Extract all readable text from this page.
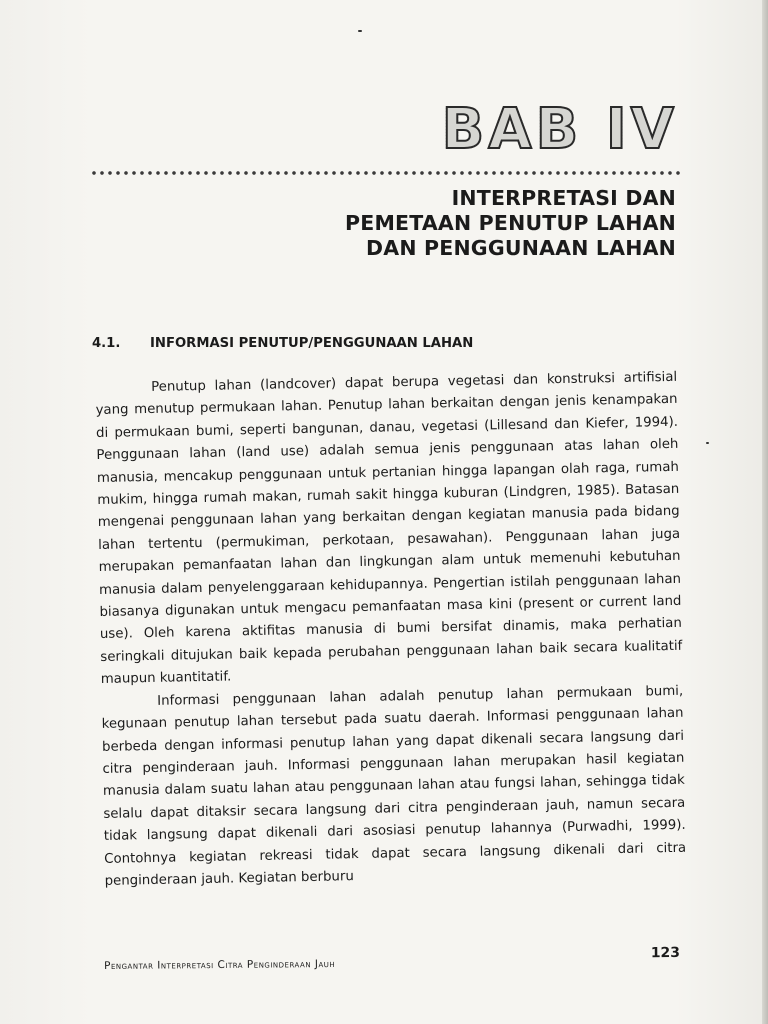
BAB IV
INTERPRETASI DAN
PEMETAAN PENUTUP LAHAN
DAN PENGGUNAAN LAHAN
4.1. INFORMASI PENUTUP/PENGGUNAAN LAHAN

Penutup lahan (landcover) dapat berupa vegetasi dan konstruksi artifisial yang menutup permukaan lahan. Penutup lahan berkaitan dengan jenis kenampakan di permukaan bumi, seperti bangunan, danau, vegetasi (Lillesand dan Kiefer, 1994). Penggunaan lahan (land use) adalah semua jenis penggunaan atas lahan oleh manusia, mencakup penggunaan untuk pertanian hingga lapangan olah raga, rumah mukim, hingga rumah makan, rumah sakit hingga kuburan (Lindgren, 1985). Batasan mengenai penggunaan lahan yang berkaitan dengan kegiatan manusia pada bidang lahan tertentu (permukiman, perkotaan, pesawahan). Penggunaan lahan juga merupakan pemanfaatan lahan dan lingkungan alam untuk memenuhi kebutuhan manusia dalam penyelenggaraan kehidupannya. Pengertian istilah penggunaan lahan biasanya digunakan untuk mengacu pemanfaatan masa kini (present or current land use). Oleh karena aktifitas manusia di bumi bersifat dinamis, maka perhatian seringkali ditujukan baik kepada perubahan penggunaan lahan baik secara kualitatif maupun kuantitatif.

Informasi penggunaan lahan adalah penutup lahan permukaan bumi, kegunaan penutup lahan tersebut pada suatu daerah. Informasi penggunaan lahan berbeda dengan informasi penutup lahan yang dapat dikenali secara langsung dari citra penginderaan jauh. Informasi penggunaan lahan merupakan hasil kegiatan manusia dalam suatu lahan atau penggunaan lahan atau fungsi lahan, sehingga tidak selalu dapat ditaksir secara langsung dari citra penginderaan jauh, namun secara tidak langsung dapat dikenali dari asosiasi penutup lahannya (Purwadhi, 1999). Contohnya kegiatan rekreasi tidak dapat secara langsung dikenali dari citra penginderaan jauh. Kegiatan berburu

Pengantar Interpretasi Citra Penginderaan Jauh
123
